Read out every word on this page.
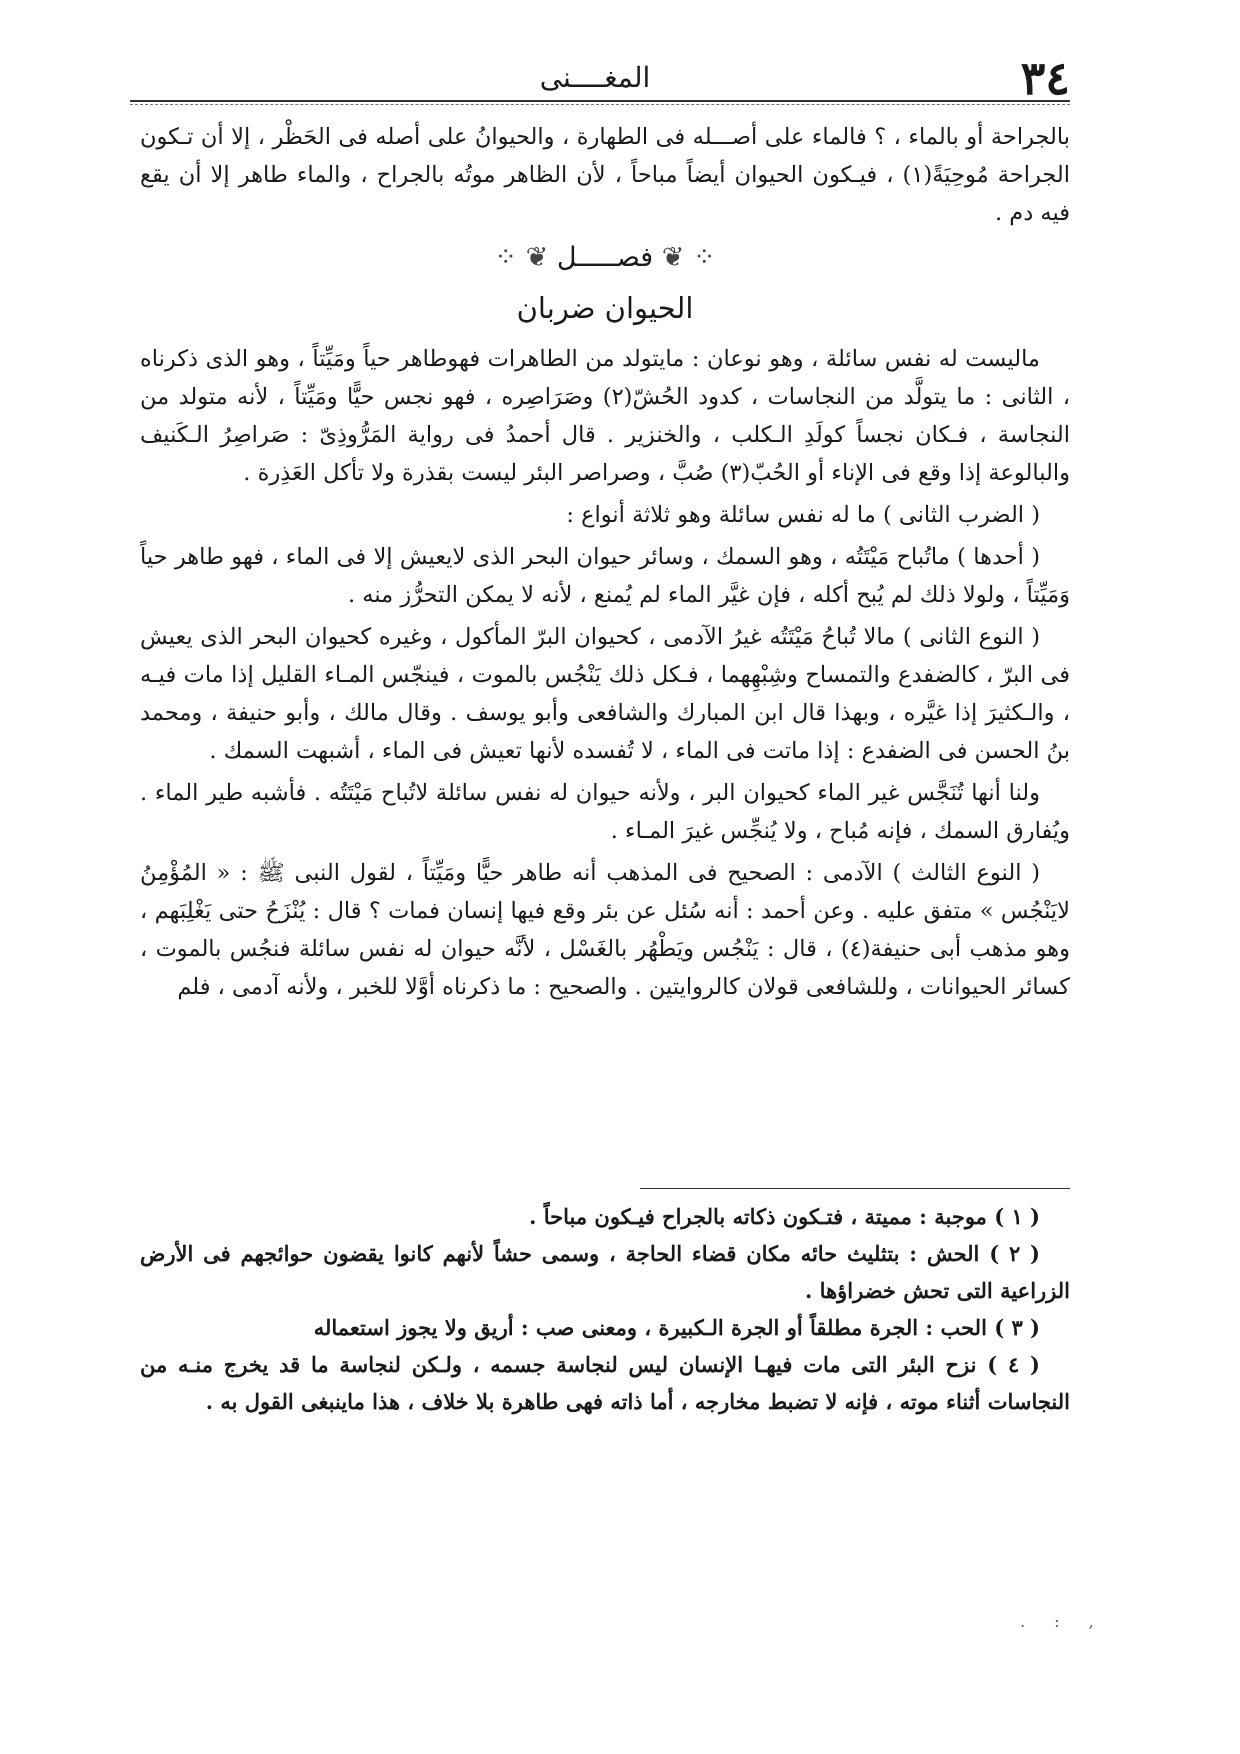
٣٤
المغــــنى

بالجراحة أو بالماء ، ؟ فالماء على أصـــله فى الطهارة ، والحيوانُ على أصله فى الحَظْر ، إلا أن تـكون الجراحة مُوحِيَةً(١) ، فيـكون الحيوان أيضاً مباحاً ، لأن الظاهر موتُه بالجراح ، والماء طاهر إلا أن يقع فيه دم .

⁘ ❦ فصـــــل ❦ ⁘
الحيوان ضربان

ماليست له نفس سائلة ، وهو نوعان : مايتولد من الطاهرات فهوطاهر حياً ومَيِّتاً ، وهو الذى ذكرناه ، الثانى : ما يتولَّد من النجاسات ، كدود الحُشّ(٢) وصَرَاصِره ، فهو نجس حيًّا ومَيِّتاً ، لأنه متولد من النجاسة ، فـكان نجساً كولَدِ الـكلب ، والخنزير . قال أحمدُ فى رواية المَرُّوذِىّ : صَراصِرُ الـكَنيف والبالوعة إذا وقع فى الإناء أو الحُبّ(٣) صُبَّ ، وصراصر البئر ليست بقذرة ولا تأكل العَذِرة .

( الضرب الثانى ) ما له نفس سائلة وهو ثلاثة أنواع :

( أحدها ) ماتُباح مَيْتَتُه ، وهو السمك ، وسائر حيوان البحر الذى لايعيش إلا فى الماء ، فهو طاهر حياً وَمَيِّتاً ، ولولا ذلك لم يُبح أكله ، فإن غيَّر الماء لم يُمنع ، لأنه لا يمكن التحرُّز منه .

( النوع الثانى ) مالا تُباحُ مَيْتَتُه غيرُ الآدمى ، كحيوان البرّ المأكول ، وغيره كحيوان البحر الذى يعيش فى البرّ ، كالضفدع والتمساح وشِبْهِهما ، فـكل ذلك يَنْجُس بالموت ، فينجّس المـاء القليل إذا مات فيـه ، والـكثيرَ إذا غيَّره ، وبهذا قال ابن المبارك والشافعى وأبو يوسف . وقال مالك ، وأبو حنيفة ، ومحمد بنُ الحسن فى الضفدع : إذا ماتت فى الماء ، لا تُفسده لأنها تعيش فى الماء ، أشبهت السمك .

ولنا أنها تُنَجَّس غير الماء كحيوان البر ، ولأنه حيوان له نفس سائلة لاتُباح مَيْتَتُه . فأشبه طير الماء . ويُفارق السمك ، فإنه مُباح ، ولا يُنجِّس غيرَ المـاء .

( النوع الثالث ) الآدمى : الصحيح فى المذهب أنه طاهر حيًّا ومَيِّتاً ، لقول النبى ﷺ : « المُؤْمِنُ لايَنْجُس » متفق عليه . وعن أحمد : أنه سُئل عن بئر وقع فيها إنسان فمات ؟ قال : يُنْزَحُ حتى يَغْلِبَهم ، وهو مذهب أبى حنيفة(٤) ، قال : يَنْجُس ويَطْهُر بالغَسْل ، لأنَّه حيوان له نفس سائلة فنجُس بالموت ، كسائر الحيوانات ، وللشافعى قولان كالروايتين . والصحيح : ما ذكرناه أوَّلا للخبر ، ولأنه آدمى ، فلم

( ١ ) موجبة : مميتة ، فتـكون ذكاته بالجراح فيـكون مباحاً .

( ٢ ) الحش : بتثليث حائه مكان قضاء الحاجة ، وسمى حشاً لأنهم كانوا يقضون حوائجهم فى الأرض الزراعية التى تحش خضراؤها .

( ٣ ) الحب : الجرة مطلقاً أو الجرة الـكبيرة ، ومعنى صب : أريق ولا يجوز استعماله

( ٤ ) نزح البئر التى مات فيهـا الإنسان ليس لنجاسة جسمه ، ولـكن لنجاسة ما قد يخرج منـه من النجاسات أثناء موته ، فإنه لا تضبط مخارجه ، أما ذاته فهى طاهرة بلا خلاف ، هذا ماينبغى القول به .

. : ,
